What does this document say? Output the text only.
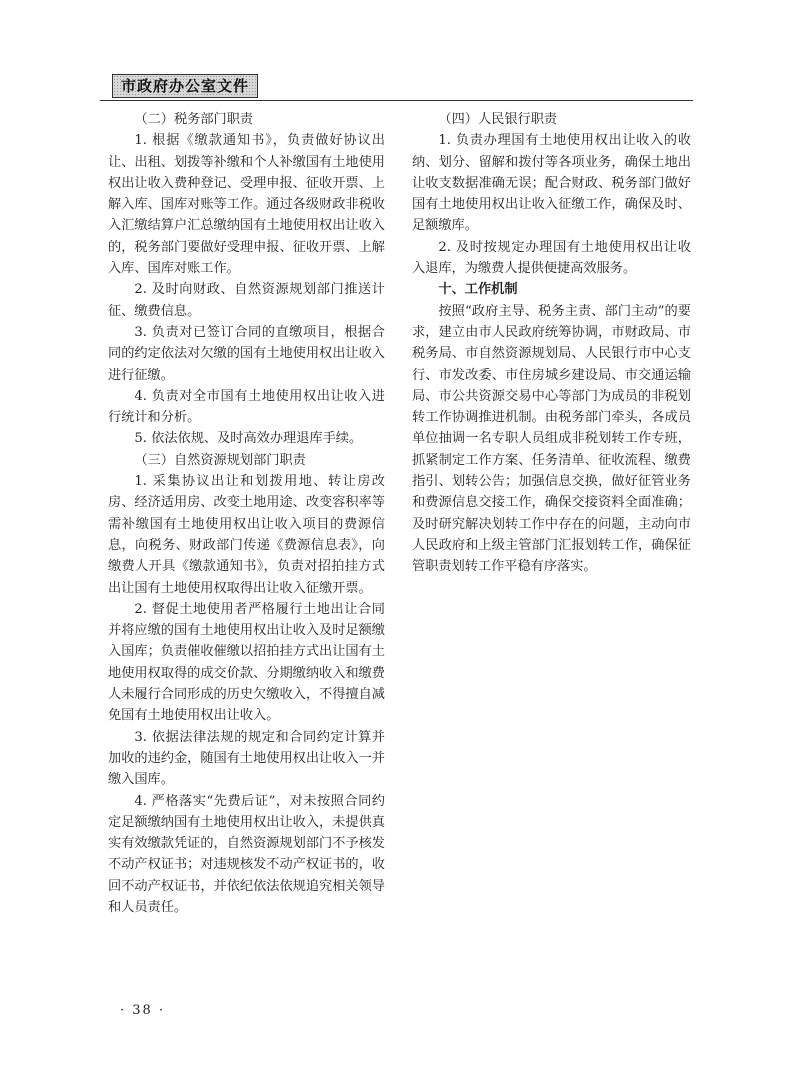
市政府办公室文件

（二）税务部门职责

1. 根据《缴款通知书》，负责做好协议出让、出租、划拨等补缴和个人补缴国有土地使用权出让收入费种登记、受理申报、征收开票、上解入库、国库对账等工作。通过各级财政非税收入汇缴结算户汇总缴纳国有土地使用权出让收入的，税务部门要做好受理申报、征收开票、上解入库、国库对账工作。

2. 及时向财政、自然资源规划部门推送计征、缴费信息。

3. 负责对已签订合同的直缴项目，根据合同的约定依法对欠缴的国有土地使用权出让收入进行征缴。

4. 负责对全市国有土地使用权出让收入进行统计和分析。

5. 依法依规、及时高效办理退库手续。

（三）自然资源规划部门职责

1. 采集协议出让和划拨用地、转让房改房、经济适用房、改变土地用途、改变容积率等需补缴国有土地使用权出让收入项目的费源信息，向税务、财政部门传递《费源信息表》，向缴费人开具《缴款通知书》，负责对招拍挂方式出让国有土地使用权取得出让收入征缴开票。

2. 督促土地使用者严格履行土地出让合同并将应缴的国有土地使用权出让收入及时足额缴入国库；负责催收催缴以招拍挂方式出让国有土地使用权取得的成交价款、分期缴纳收入和缴费人未履行合同形成的历史欠缴收入，不得擅自减免国有土地使用权出让收入。

3. 依据法律法规的规定和合同约定计算并加收的违约金，随国有土地使用权出让收入一并缴入国库。

4. 严格落实“先费后证”，对未按照合同约定足额缴纳国有土地使用权出让收入，未提供真实有效缴款凭证的，自然资源规划部门不予核发不动产权证书；对违规核发不动产权证书的，收回不动产权证书，并依纪依法依规追究相关领导和人员责任。

（四）人民银行职责

1. 负责办理国有土地使用权出让收入的收纳、划分、留解和拨付等各项业务，确保土地出让收支数据准确无误；配合财政、税务部门做好国有土地使用权出让收入征缴工作，确保及时、足额缴库。

2. 及时按规定办理国有土地使用权出让收入退库，为缴费人提供便捷高效服务。

十、工作机制

按照“政府主导、税务主责、部门主动”的要求，建立由市人民政府统筹协调，市财政局、市税务局、市自然资源规划局、人民银行市中心支行、市发改委、市住房城乡建设局、市交通运输局、市公共资源交易中心等部门为成员的非税划转工作协调推进机制。由税务部门牵头，各成员单位抽调一名专职人员组成非税划转工作专班，抓紧制定工作方案、任务清单、征收流程、缴费指引、划转公告；加强信息交换，做好征管业务和费源信息交接工作，确保交接资料全面准确；及时研究解决划转工作中存在的问题，主动向市人民政府和上级主管部门汇报划转工作，确保征管职责划转工作平稳有序落实。

· 38 ·
